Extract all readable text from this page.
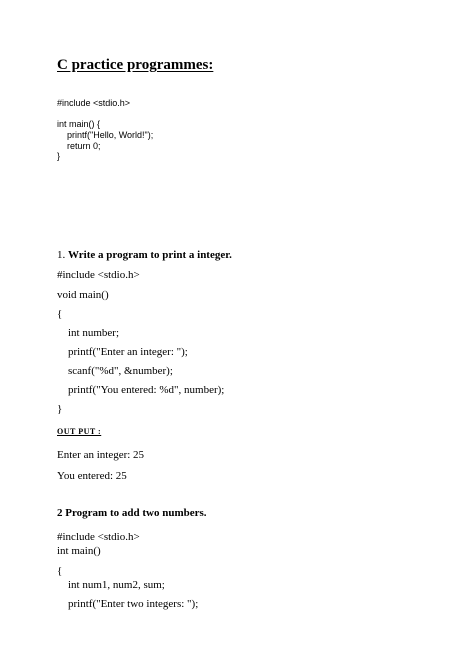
C practice programmes:
#include <stdio.h>
int main() {
printf("Hello, World!");
return 0;
}
1. Write a program to print a integer.
#include <stdio.h>
void main()
{
int number;
printf("Enter an integer: ");
scanf("%d", &number);
printf("You entered: %d", number);
}
OUT PUT :
Enter an integer: 25
You entered: 25
2 Program to add two numbers.
#include <stdio.h>
int main()
{
int num1, num2, sum;
printf("Enter two integers: ");
